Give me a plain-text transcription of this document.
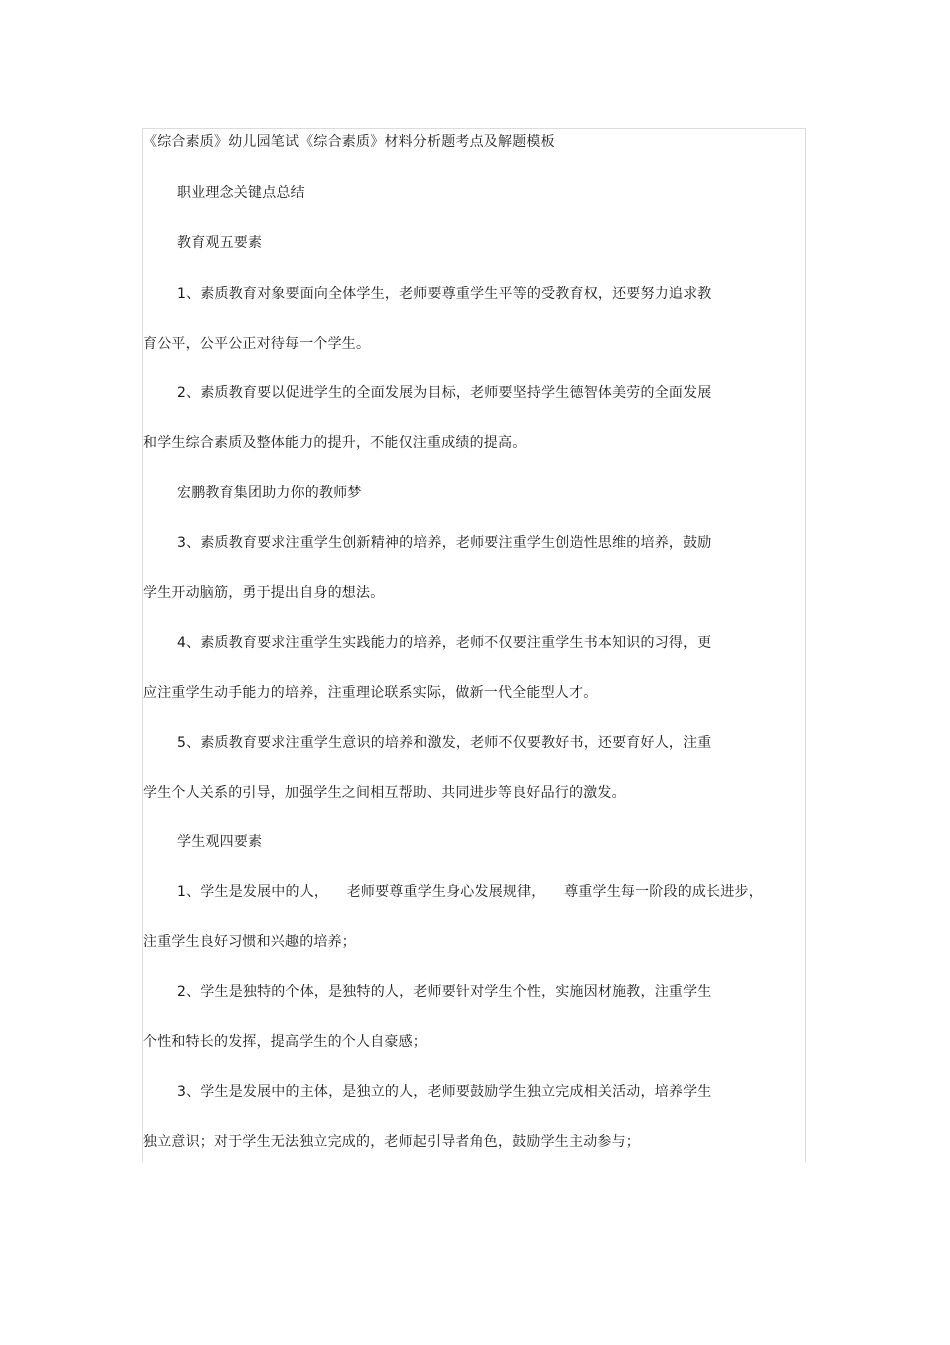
《综合素质》幼儿园笔试《综合素质》材料分析题考点及解题模板
职业理念关键点总结
教育观五要素
1、素质教育对象要面向全体学生，老师要尊重学生平等的受教育权，还要努力追求教
育公平，公平公正对待每一个学生。
2、素质教育要以促进学生的全面发展为目标，老师要坚持学生德智体美劳的全面发展
和学生综合素质及整体能力的提升，不能仅注重成绩的提高。
宏鹏教育集团助力你的教师梦
3、素质教育要求注重学生创新精神的培养，老师要注重学生创造性思维的培养，鼓励
学生开动脑筋，勇于提出自身的想法。
4、素质教育要求注重学生实践能力的培养，老师不仅要注重学生书本知识的习得，更
应注重学生动手能力的培养，注重理论联系实际，做新一代全能型人才。
5、素质教育要求注重学生意识的培养和激发，老师不仅要教好书，还要育好人，注重
学生个人关系的引导，加强学生之间相互帮助、共同进步等良好品行的激发。
学生观四要素
1、学生是发展中的人，    老师要尊重学生身心发展规律，    尊重学生每一阶段的成长进步，
注重学生良好习惯和兴趣的培养；
2、学生是独特的个体，是独特的人，老师要针对学生个性，实施因材施教，注重学生
个性和特长的发挥，提高学生的个人自豪感；
3、学生是发展中的主体，是独立的人，老师要鼓励学生独立完成相关活动，培养学生
独立意识；对于学生无法独立完成的，老师起引导者角色，鼓励学生主动参与；
